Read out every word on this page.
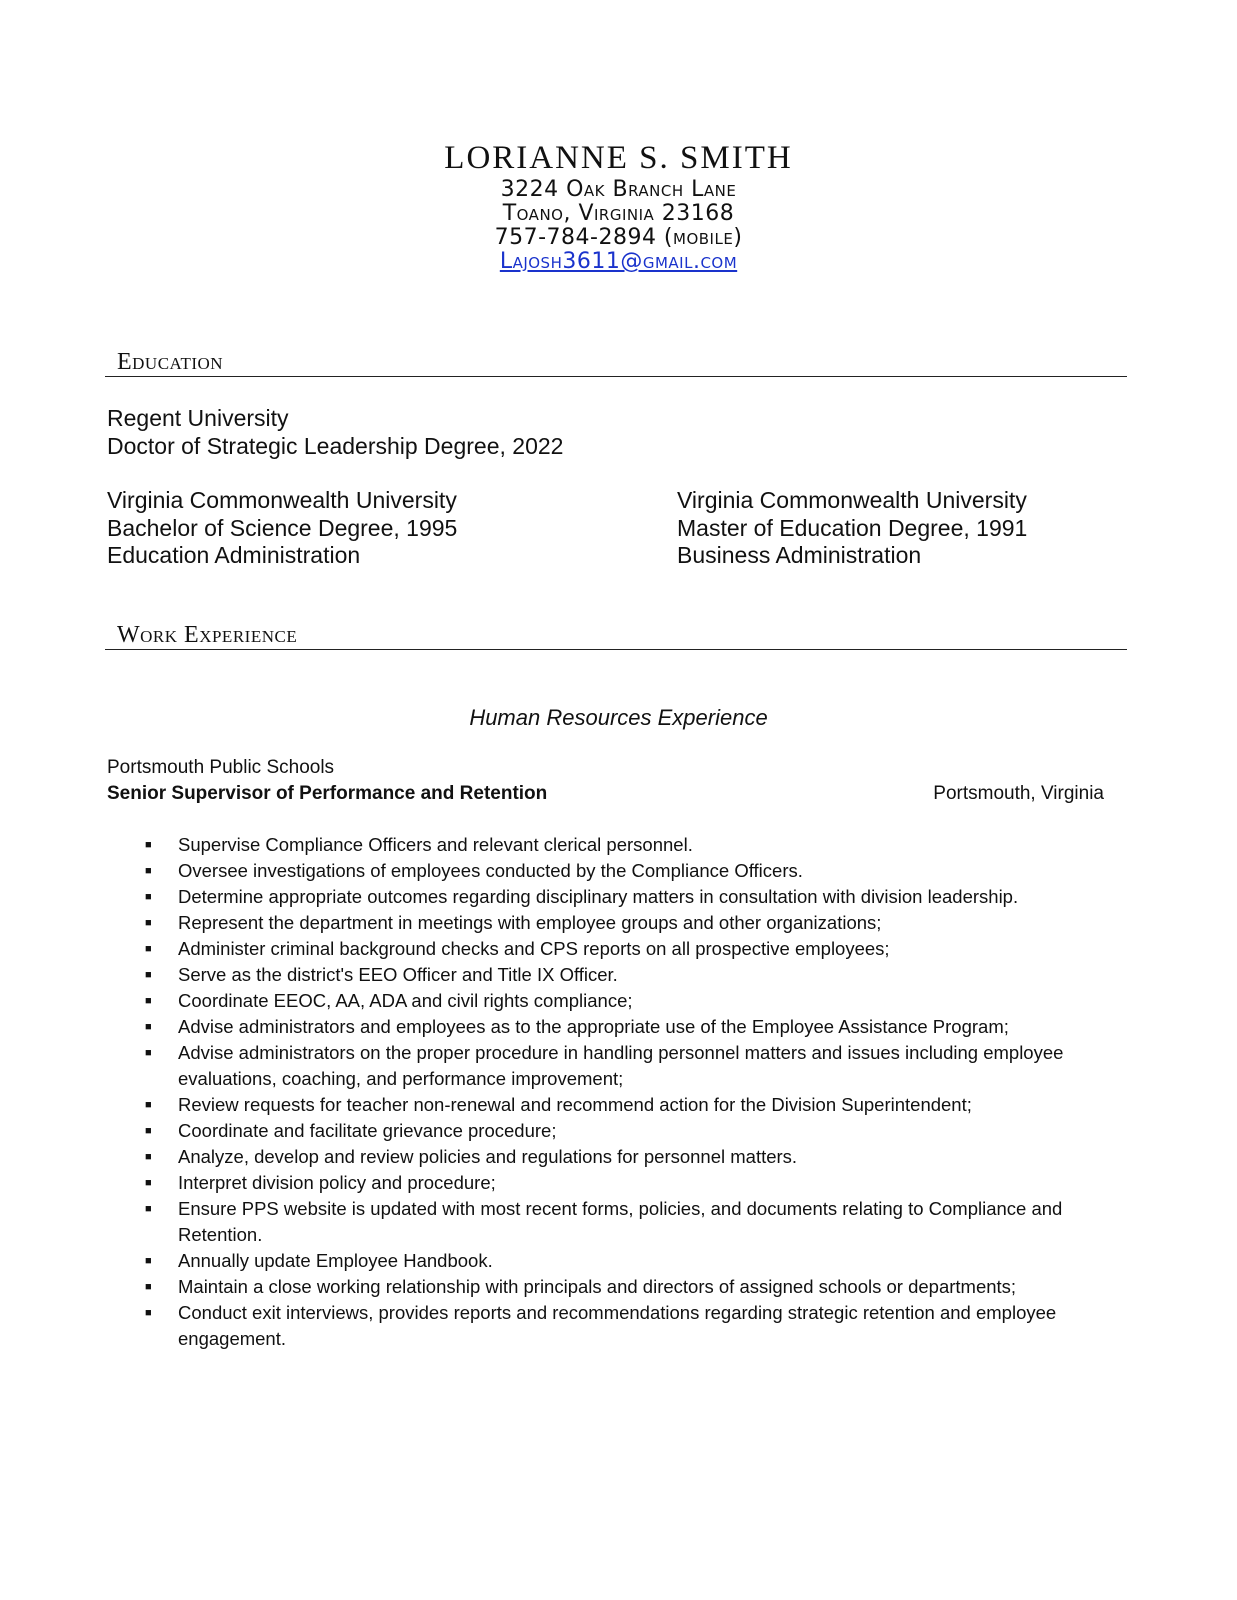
LORIANNE S. SMITH
3224 Oak Branch Lane
Toano, Virginia 23168
757-784-2894 (mobile)
Lajosh3611@gmail.com
Education
Regent University
Doctor of Strategic Leadership Degree, 2022
Virginia Commonwealth University
Bachelor of Science Degree, 1995
Education Administration
Virginia Commonwealth University
Master of Education Degree, 1991
Business Administration
Work Experience
Human Resources Experience
Portsmouth Public Schools
Senior Supervisor of Performance and Retention	Portsmouth, Virginia
■ Supervise Compliance Officers and relevant clerical personnel.
■ Oversee investigations of employees conducted by the Compliance Officers.
■ Determine appropriate outcomes regarding disciplinary matters in consultation with division leadership.
■ Represent the department in meetings with employee groups and other organizations;
■ Administer criminal background checks and CPS reports on all prospective employees;
■ Serve as the district's EEO Officer and Title IX Officer.
■ Coordinate EEOC, AA, ADA and civil rights compliance;
■ Advise administrators and employees as to the appropriate use of the Employee Assistance Program;
■ Advise administrators on the proper procedure in handling personnel matters and issues including employee evaluations, coaching, and performance improvement;
■ Review requests for teacher non-renewal and recommend action for the Division Superintendent;
■ Coordinate and facilitate grievance procedure;
■ Analyze, develop and review policies and regulations for personnel matters.
■ Interpret division policy and procedure;
■ Ensure PPS website is updated with most recent forms, policies, and documents relating to Compliance and Retention.
■ Annually update Employee Handbook.
■ Maintain a close working relationship with principals and directors of assigned schools or departments;
■ Conduct exit interviews, provides reports and recommendations regarding strategic retention and employee engagement.
